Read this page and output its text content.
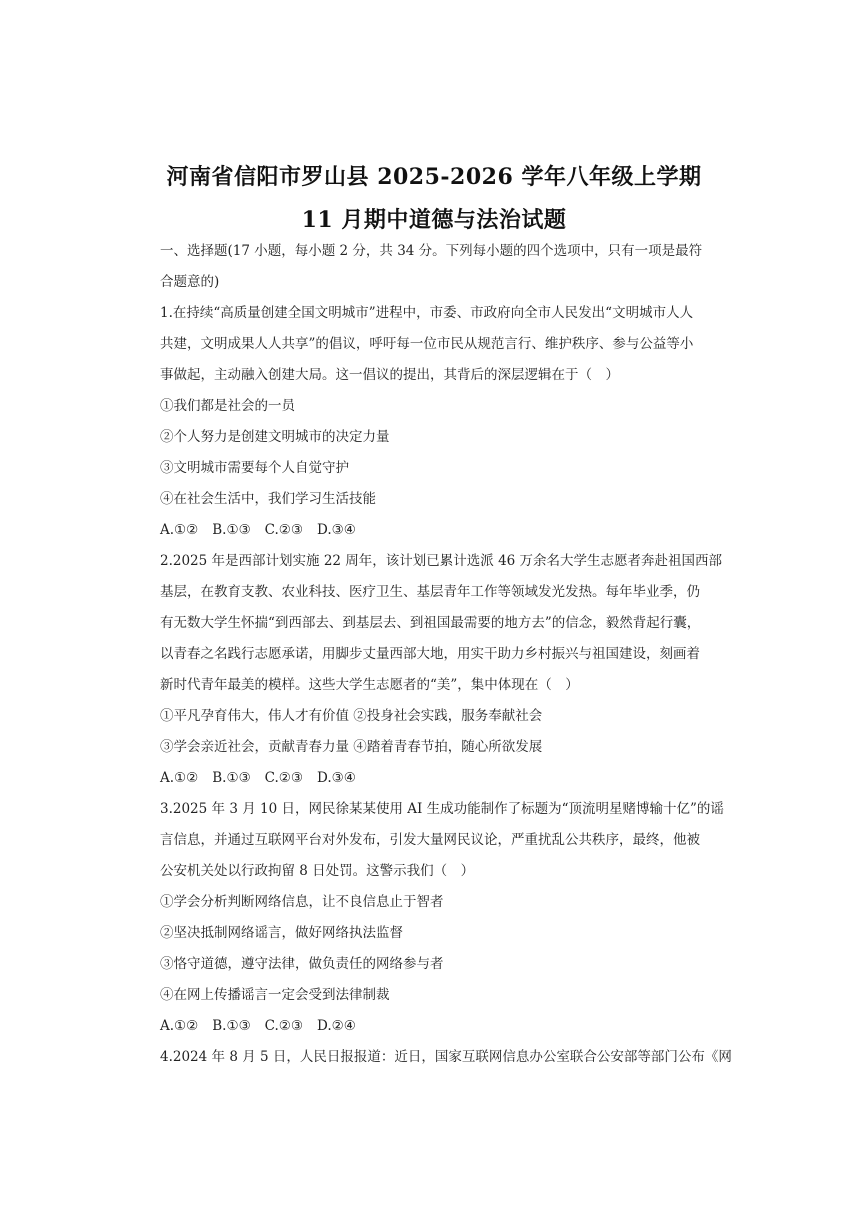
河南省信阳市罗山县 2025-2026 学年八年级上学期
11 月期中道德与法治试题
一、选择题(17 小题，每小题 2 分，共 34 分。下列每小题的四个选项中，只有一项是最符
合题意的)
1.在持续“高质量创建全国文明城市”进程中，市委、市政府向全市人民发出“文明城市人人
共建，文明成果人人共享”的倡议，呼吁每一位市民从规范言行、维护秩序、参与公益等小
事做起，主动融入创建大局。这一倡议的提出，其背后的深层逻辑在于（　）
①我们都是社会的一员
②个人努力是创建文明城市的决定力量
③文明城市需要每个人自觉守护
④在社会生活中，我们学习生活技能
A.①② B.①③ C.②③ D.③④
2.2025 年是西部计划实施 22 周年，该计划已累计选派 46 万余名大学生志愿者奔赴祖国西部
基层，在教育支教、农业科技、医疗卫生、基层青年工作等领域发光发热。每年毕业季，仍
有无数大学生怀揣“到西部去、到基层去、到祖国最需要的地方去”的信念，毅然背起行囊，
以青春之名践行志愿承诺，用脚步丈量西部大地，用实干助力乡村振兴与祖国建设，刻画着
新时代青年最美的模样。这些大学生志愿者的“美”，集中体现在（　）
①平凡孕育伟大，伟人才有价值 ②投身社会实践，服务奉献社会
③学会亲近社会，贡献青春力量 ④踏着青春节拍，随心所欲发展
A.①② B.①③ C.②③ D.③④
3.2025 年 3 月 10 日，网民徐某某使用 AI 生成功能制作了标题为“顶流明星赌博输十亿”的谣
言信息，并通过互联网平台对外发布，引发大量网民议论，严重扰乱公共秩序，最终，他被
公安机关处以行政拘留 8 日处罚。这警示我们（　）
①学会分析判断网络信息，让不良信息止于智者
②坚决抵制网络谣言，做好网络执法监督
③恪守道德，遵守法律，做负责任的网络参与者
④在网上传播谣言一定会受到法律制裁
A.①② B.①③ C.②③ D.②④
4.2024 年 8 月 5 日，人民日报报道：近日，国家互联网信息办公室联合公安部等部门公布《网
